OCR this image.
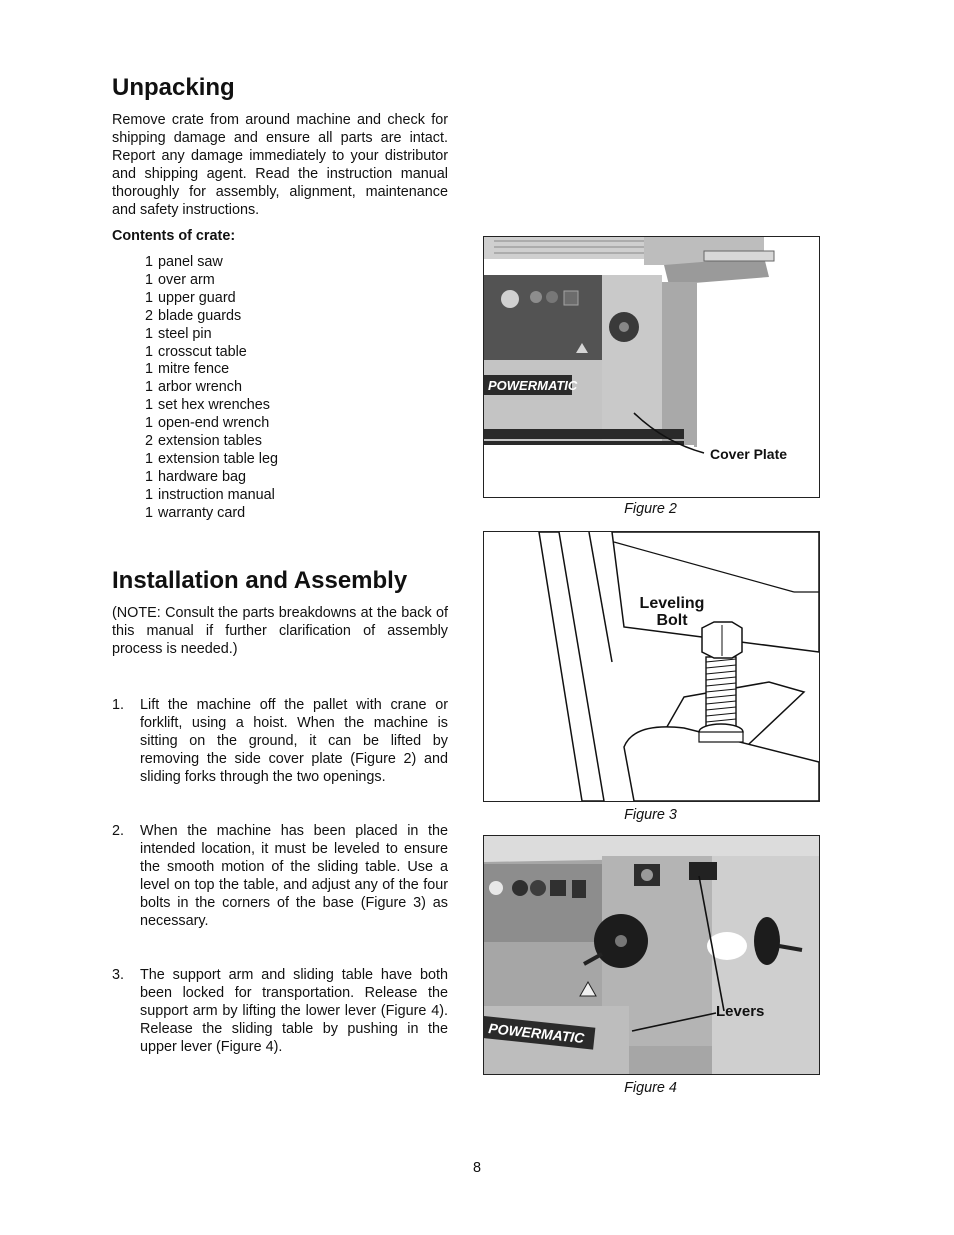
Unpacking
Remove crate from around machine and check for shipping damage and ensure all parts are intact. Report any damage immediately to your distributor and shipping agent. Read the instruction manual thoroughly for assembly, alignment, maintenance and safety instructions.
Contents of crate:
1 panel saw
1 over arm
1 upper guard
2 blade guards
1 steel pin
1 crosscut table
1 mitre fence
1 arbor wrench
1 set hex wrenches
1 open-end wrench
2 extension tables
1 extension table leg
1 hardware bag
1 instruction manual
1 warranty card
Installation and Assembly
(NOTE: Consult the parts breakdowns at the back of this manual if further clarification of assembly process is needed.)
1.	Lift the machine off the pallet with crane or forklift, using a hoist. When the machine is sitting on the ground, it can be lifted by removing the side cover plate (Figure 2) and sliding forks through the two openings.
2.	When the machine has been placed in the intended location, it must be leveled to ensure the smooth motion of the sliding table. Use a level on top the table, and adjust any of the four bolts in the corners of the base (Figure 3) as necessary.
3.	The support arm and sliding table have both been locked for transportation. Release the support arm by lifting the lower lever (Figure 4). Release the sliding table by pushing in the upper lever (Figure 4).
POWERMATIC
Cover Plate
Figure 2
Leveling
Bolt
Figure 3
POWERMATIC
Levers
Figure 4
8
